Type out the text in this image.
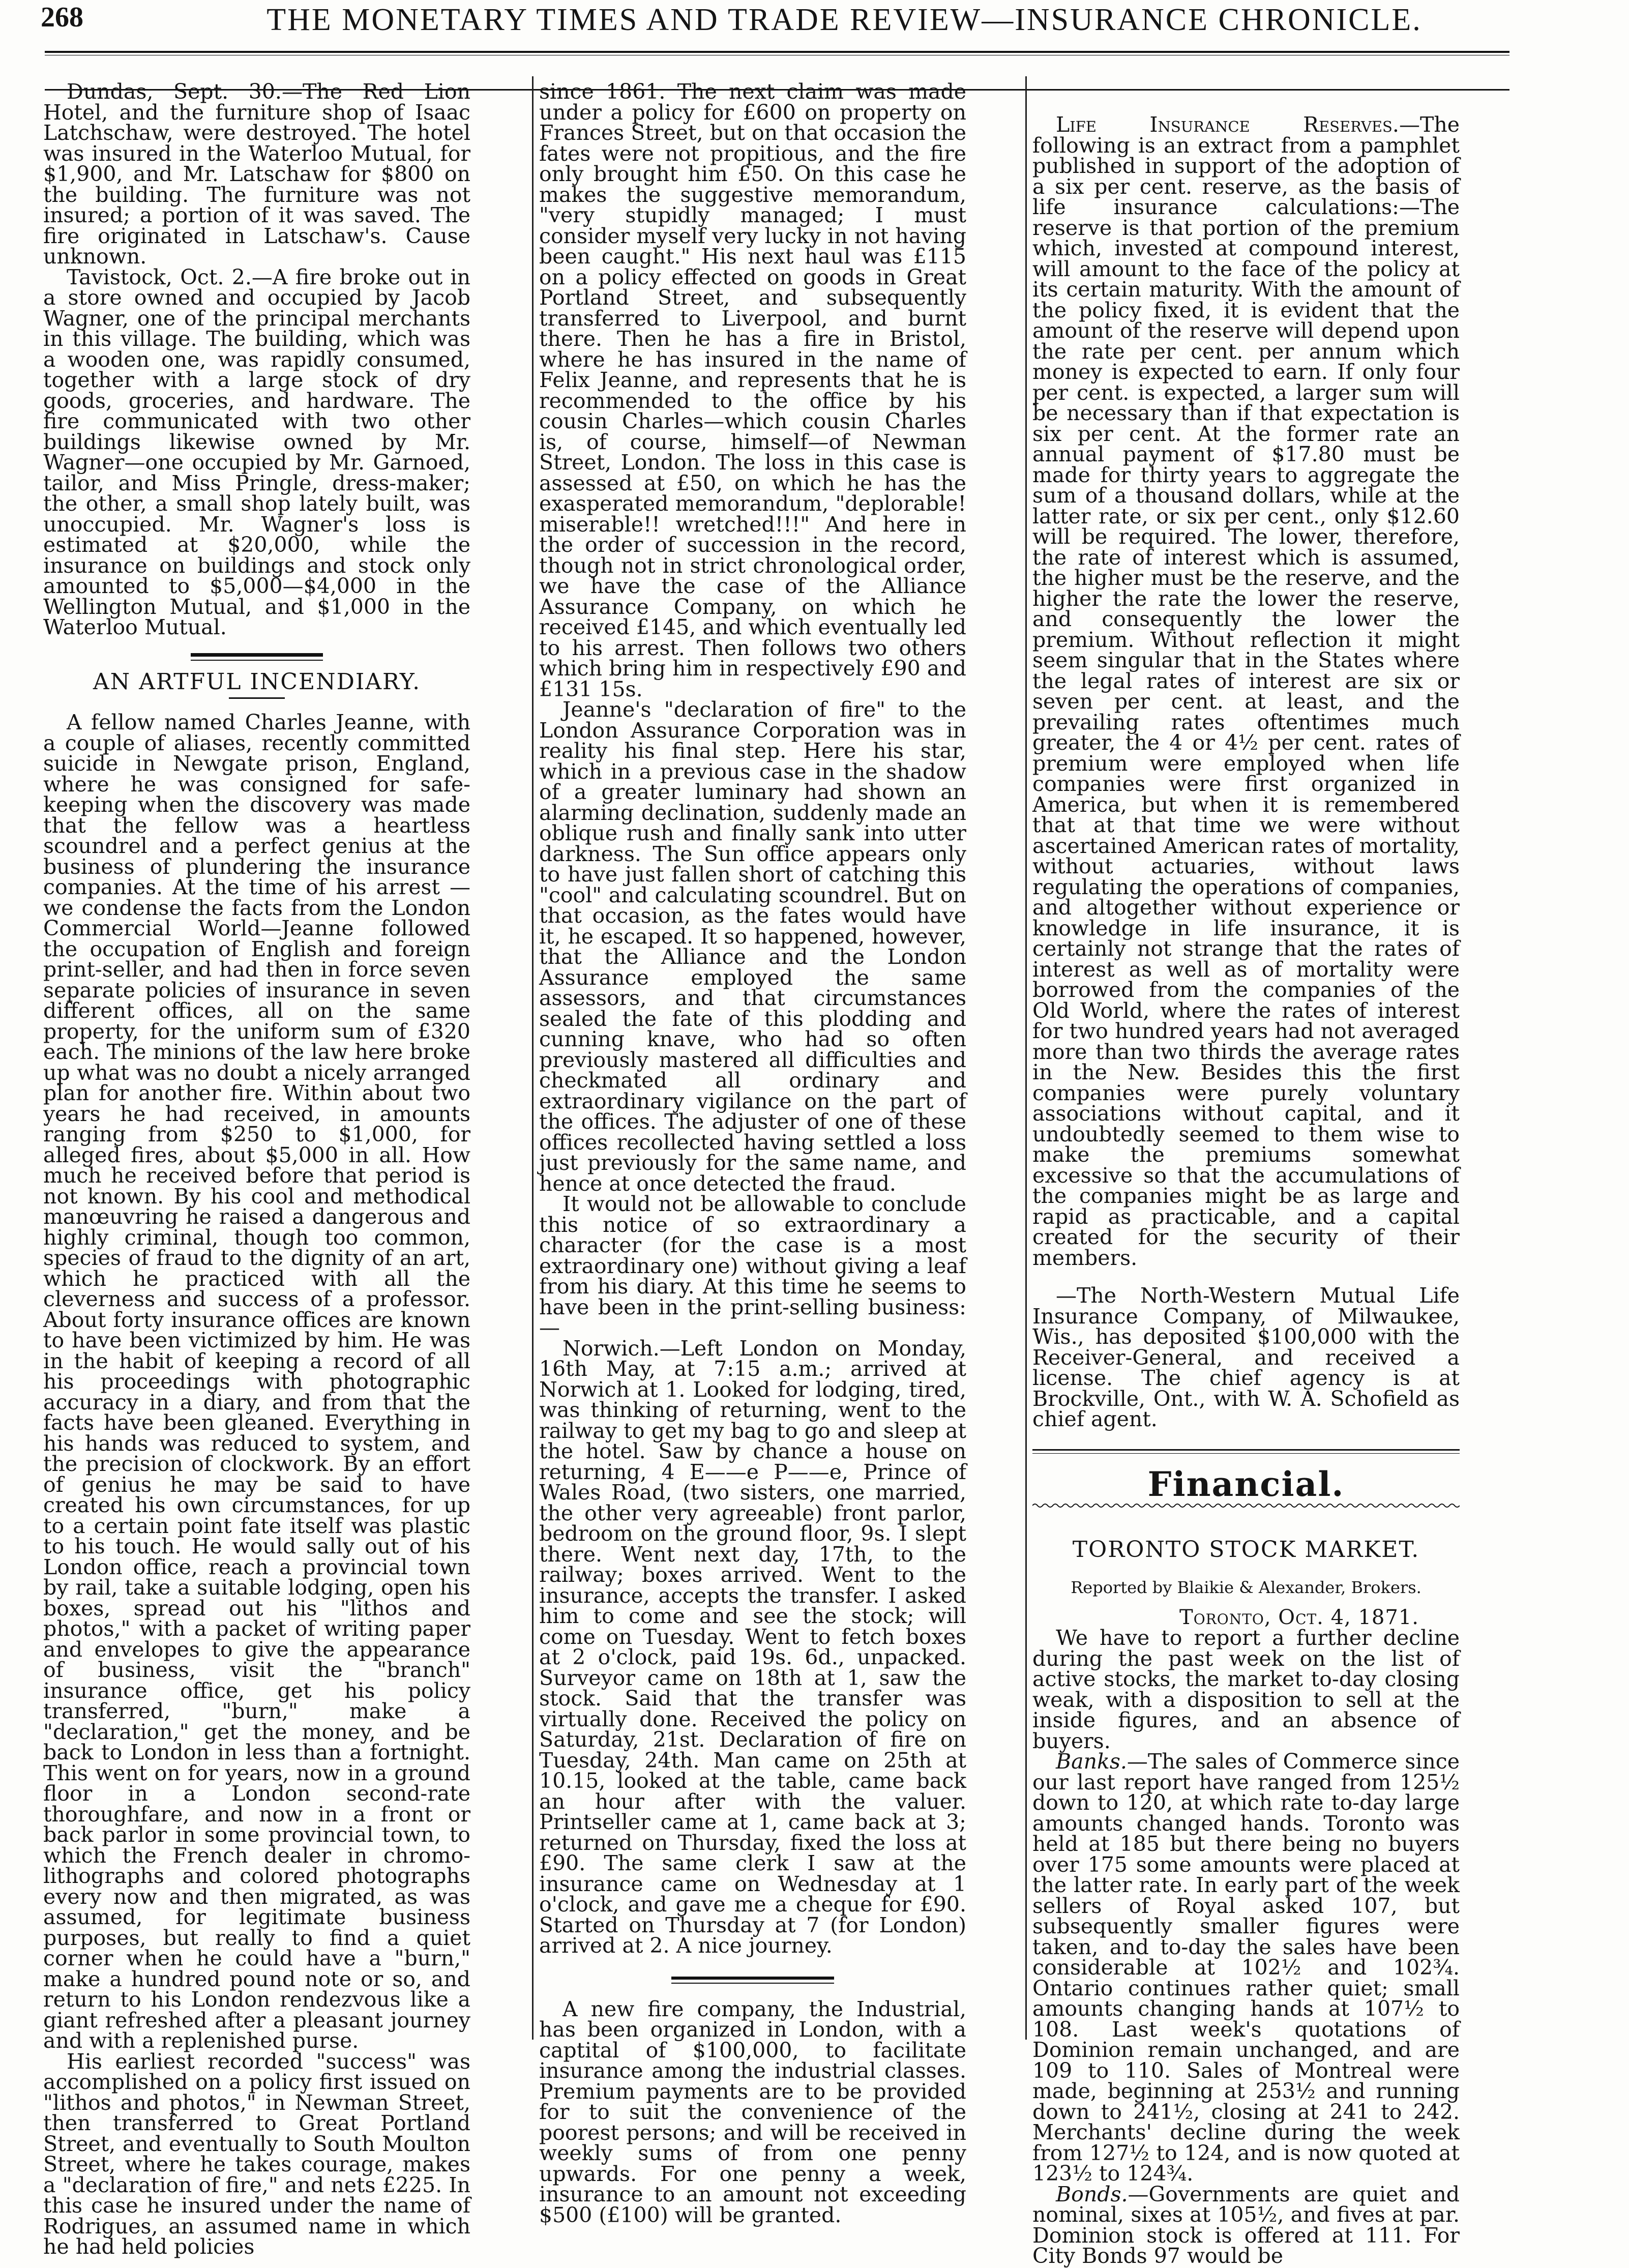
268	THE MONETARY TIMES AND TRADE REVIEW—INSURANCE CHRONICLE.

Dundas, Sept. 30.—The Red Lion Hotel, and the furniture shop of Isaac Latchschaw, were destroyed. The hotel was insured in the Waterloo Mutual, for $1,900, and Mr. Latschaw for $800 on the building. The furniture was not insured; a portion of it was saved. The fire originated in Latschaw's. Cause unknown.

Tavistock, Oct. 2.—A fire broke out in a store owned and occupied by Jacob Wagner, one of the principal merchants in this village. The building, which was a wooden one, was rapidly consumed, together with a large stock of dry goods, groceries, and hardware. The fire communicated with two other buildings likewise owned by Mr. Wagner—one occupied by Mr. Garnoed, tailor, and Miss Pringle, dress-maker; the other, a small shop lately built, was unoccupied. Mr. Wagner's loss is estimated at $20,000, while the insurance on buildings and stock only amounted to $5,000—$4,000 in the Wellington Mutual, and $1,000 in the Waterloo Mutual.

AN ARTFUL INCENDIARY.

A fellow named Charles Jeanne, with a couple of aliases, recently committed suicide in Newgate prison, England, where he was consigned for safe-keeping when the discovery was made that the fellow was a heartless scoundrel and a perfect genius at the business of plundering the insurance companies. At the time of his arrest —we condense the facts from the London Commercial World—Jeanne followed the occupation of English and foreign print-seller, and had then in force seven separate policies of insurance in seven different offices, all on the same property, for the uniform sum of £320 each. The minions of the law here broke up what was no doubt a nicely arranged plan for another fire. Within about two years he had received, in amounts ranging from $250 to $1,000, for alleged fires, about $5,000 in all. How much he received before that period is not known. By his cool and methodical manœuvring he raised a dangerous and highly criminal, though too common, species of fraud to the dignity of an art, which he practiced with all the cleverness and success of a professor. About forty insurance offices are known to have been victimized by him. He was in the habit of keeping a record of all his proceedings with photographic accuracy in a diary, and from that the facts have been gleaned. Everything in his hands was reduced to system, and the precision of clockwork. By an effort of genius he may be said to have created his own circumstances, for up to a certain point fate itself was plastic to his touch. He would sally out of his London office, reach a provincial town by rail, take a suitable lodging, open his boxes, spread out his "lithos and photos," with a packet of writing paper and envelopes to give the appearance of business, visit the "branch" insurance office, get his policy transferred, "burn," make a "declaration," get the money, and be back to London in less than a fortnight. This went on for years, now in a ground floor in a London second-rate thoroughfare, and now in a front or back parlor in some provincial town, to which the French dealer in chromo-lithographs and colored photographs every now and then migrated, as was assumed, for legitimate business purposes, but really to find a quiet corner when he could have a "burn," make a hundred pound note or so, and return to his London rendezvous like a giant refreshed after a pleasant journey and with a replenished purse.

His earliest recorded "success" was accomplished on a policy first issued on "lithos and photos," in Newman Street, then transferred to Great Portland Street, and eventually to South Moulton Street, where he takes courage, makes a "declaration of fire," and nets £225. In this case he insured under the name of Rodrigues, an assumed name in which he had held policies

since 1861. The next claim was made under a policy for £600 on property on Frances Street, but on that occasion the fates were not propitious, and the fire only brought him £50. On this case he makes the suggestive memorandum, "very stupidly managed; I must consider myself very lucky in not having been caught." His next haul was £115 on a policy effected on goods in Great Portland Street, and subsequently transferred to Liverpool, and burnt there. Then he has a fire in Bristol, where he has insured in the name of Felix Jeanne, and represents that he is recommended to the office by his cousin Charles—which cousin Charles is, of course, himself—of Newman Street, London. The loss in this case is assessed at £50, on which he has the exasperated memorandum, "deplorable! miserable!! wretched!!!" And here in the order of succession in the record, though not in strict chronological order, we have the case of the Alliance Assurance Company, on which he received £145, and which eventually led to his arrest. Then follows two others which bring him in respectively £90 and £131 15s.

Jeanne's "declaration of fire" to the London Assurance Corporation was in reality his final step. Here his star, which in a previous case in the shadow of a greater luminary had shown an alarming declination, suddenly made an oblique rush and finally sank into utter darkness. The Sun office appears only to have just fallen short of catching this "cool" and calculating scoundrel. But on that occasion, as the fates would have it, he escaped. It so happened, however, that the Alliance and the London Assurance employed the same assessors, and that circumstances sealed the fate of this plodding and cunning knave, who had so often previously mastered all difficulties and checkmated all ordinary and extraordinary vigilance on the part of the offices. The adjuster of one of these offices recollected having settled a loss just previously for the same name, and hence at once detected the fraud.

It would not be allowable to conclude this notice of so extraordinary a character (for the case is a most extraordinary one) without giving a leaf from his diary. At this time he seems to have been in the print-selling business:—

Norwich.—Left London on Monday, 16th May, at 7:15 a.m.; arrived at Norwich at 1. Looked for lodging, tired, was thinking of returning, went to the railway to get my bag to go and sleep at the hotel. Saw by chance a house on returning, 4 E——e P——e, Prince of Wales Road, (two sisters, one married, the other very agreeable) front parlor, bedroom on the ground floor, 9s. I slept there. Went next day, 17th, to the railway; boxes arrived. Went to the insurance, accepts the transfer. I asked him to come and see the stock; will come on Tuesday. Went to fetch boxes at 2 o'clock, paid 19s. 6d., unpacked. Surveyor came on 18th at 1, saw the stock. Said that the transfer was virtually done. Received the policy on Saturday, 21st. Declaration of fire on Tuesday, 24th. Man came on 25th at 10.15, looked at the table, came back an hour after with the valuer. Printseller came at 1, came back at 3; returned on Thursday, fixed the loss at £90. The same clerk I saw at the insurance came on Wednesday at 1 o'clock, and gave me a cheque for £90. Started on Thursday at 7 (for London) arrived at 2. A nice journey.

A new fire company, the Industrial, has been organized in London, with a captital of $100,000, to facilitate insurance among the industrial classes. Premium payments are to be provided for to suit the convenience of the poorest persons; and will be received in weekly sums of from one penny upwards. For one penny a week, insurance to an amount not exceeding $500 (£100) will be granted.

Life Insurance Reserves.—The following is an extract from a pamphlet published in support of the adoption of a six per cent. reserve, as the basis of life insurance calculations:—The reserve is that portion of the premium which, invested at compound interest, will amount to the face of the policy at its certain maturity. With the amount of the policy fixed, it is evident that the amount of the reserve will depend upon the rate per cent. per annum which money is expected to earn. If only four per cent. is expected, a larger sum will be necessary than if that expectation is six per cent. At the former rate an annual payment of $17.80 must be made for thirty years to aggregate the sum of a thousand dollars, while at the latter rate, or six per cent., only $12.60 will be required. The lower, therefore, the rate of interest which is assumed, the higher must be the reserve, and the higher the rate the lower the reserve, and consequently the lower the premium. Without reflection it might seem singular that in the States where the legal rates of interest are six or seven per cent. at least, and the prevailing rates oftentimes much greater, the 4 or 4½ per cent. rates of premium were employed when life companies were first organized in America, but when it is remembered that at that time we were without ascertained American rates of mortality, without actuaries, without laws regulating the operations of companies, and altogether without experience or knowledge in life insurance, it is certainly not strange that the rates of interest as well as of mortality were borrowed from the companies of the Old World, where the rates of interest for two hundred years had not averaged more than two thirds the average rates in the New. Besides this the first companies were purely voluntary associations without capital, and it undoubtedly seemed to them wise to make the premiums somewhat excessive so that the accumulations of the companies might be as large and rapid as practicable, and a capital created for the security of their members.

—The North-Western Mutual Life Insurance Company, of Milwaukee, Wis., has deposited $100,000 with the Receiver-General, and received a license. The chief agency is at Brockville, Ont., with W. A. Schofield as chief agent.

Financial.
TORONTO STOCK MARKET.
Reported by Blaikie & Alexander, Brokers.
Toronto, Oct. 4, 1871.

We have to report a further decline during the past week on the list of active stocks, the market to-day closing weak, with a disposition to sell at the inside figures, and an absence of buyers.

Banks.—The sales of Commerce since our last report have ranged from 125½ down to 120, at which rate to-day large amounts changed hands. Toronto was held at 185 but there being no buyers over 175 some amounts were placed at the latter rate. In early part of the week sellers of Royal asked 107, but subsequently smaller figures were taken, and to-day the sales have been considerable at 102½ and 102¾. Ontario continues rather quiet; small amounts changing hands at 107½ to 108. Last week's quotations of Dominion remain unchanged, and are 109 to 110. Sales of Montreal were made, beginning at 253½ and running down to 241½, closing at 241 to 242. Merchants' decline during the week from 127½ to 124, and is now quoted at 123½ to 124¾.

Bonds.—Governments are quiet and nominal, sixes at 105½, and fives at par. Dominion stock is offered at 111. For City Bonds 97 would be
